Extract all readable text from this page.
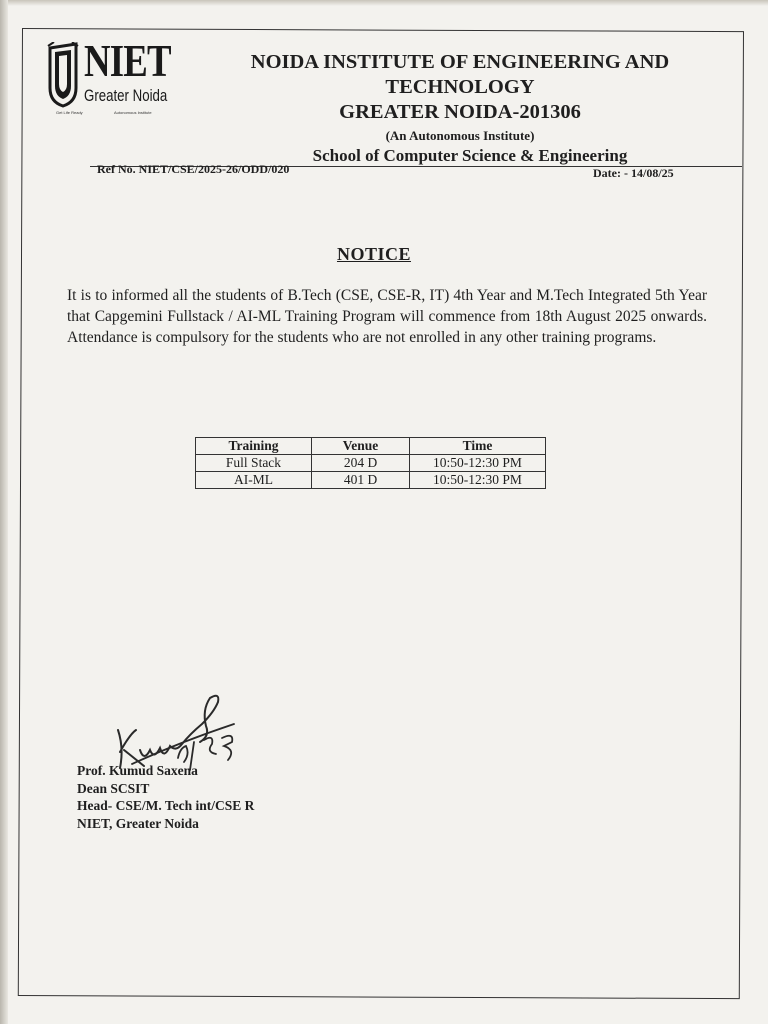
NIET
Greater Noida
Get Life Ready	Autonomous Institute

NOIDA INSTITUTE OF ENGINEERING AND

TECHNOLOGY

GREATER NOIDA-201306

(An Autonomous Institute)
School of Computer Science & Engineering
Ref No. NIET/CSE/2025-26/ODD/020	Date: - 14/08/25
NOTICE

It is to informed all the students of B.Tech (CSE, CSE-R, IT) 4th Year and M.Tech Integrated 5th Year that Capgemini Fullstack / AI-ML Training Program will commence from 18th August 2025 onwards. Attendance is compulsory for the students who are not enrolled in any other training programs.

Training	Venue	Time
Full Stack	204 D	10:50-12:30 PM
AI-ML	401 D	10:50-12:30 PM
Prof. Kumud Saxena
Dean SCSIT
Head- CSE/M. Tech int/CSE R
NIET, Greater Noida
